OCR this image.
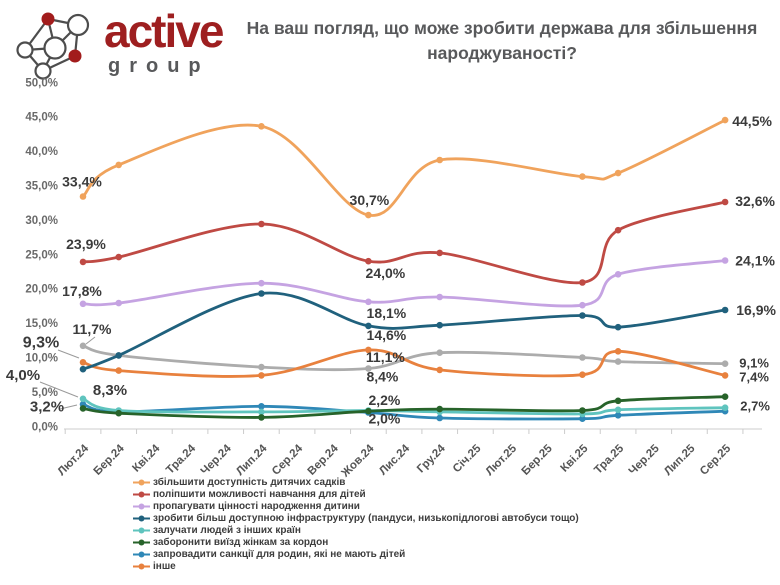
active
group
На ваш погляд, що може зробити держава для збільшення народжуваності?
0,0%
5,0%
10,0%
15,0%
20,0%
25,0%
30,0%
35,0%
40,0%
45,0%
50,0%
Лют.24 Бер.24 Кві.24 Тра.24 Чер.24 Лип.24 Сер.24 Вер.24
Жов.24 Лис.24 Гру.24 Січ.25 Лют.25 Бер.25 Кві.25 Тра.25 Чер.25 Лип.25 Сер.25
33,4%
23,9%
17,8%
11,7%
9,3%
8,3%
4,0%
3,2%
30,7%
24,0%
18,1%
14,6%
11,1%
8,4%
2,2%
2,0%
44,5%
32,6%
24,1%
16,9%
9,1%
7,4%
2,7%
збільшити доступність дитячих садків
поліпшити можливості навчання для дітей
пропагувати цінності народження дитини
зробити більш доступною інфраструктуру (пандуси, низькопідлогові автобуси тощо)
залучати людей з інших країн
заборонити виїзд жінкам за кордон
запровадити санкції для родин, які не мають дітей
інше
